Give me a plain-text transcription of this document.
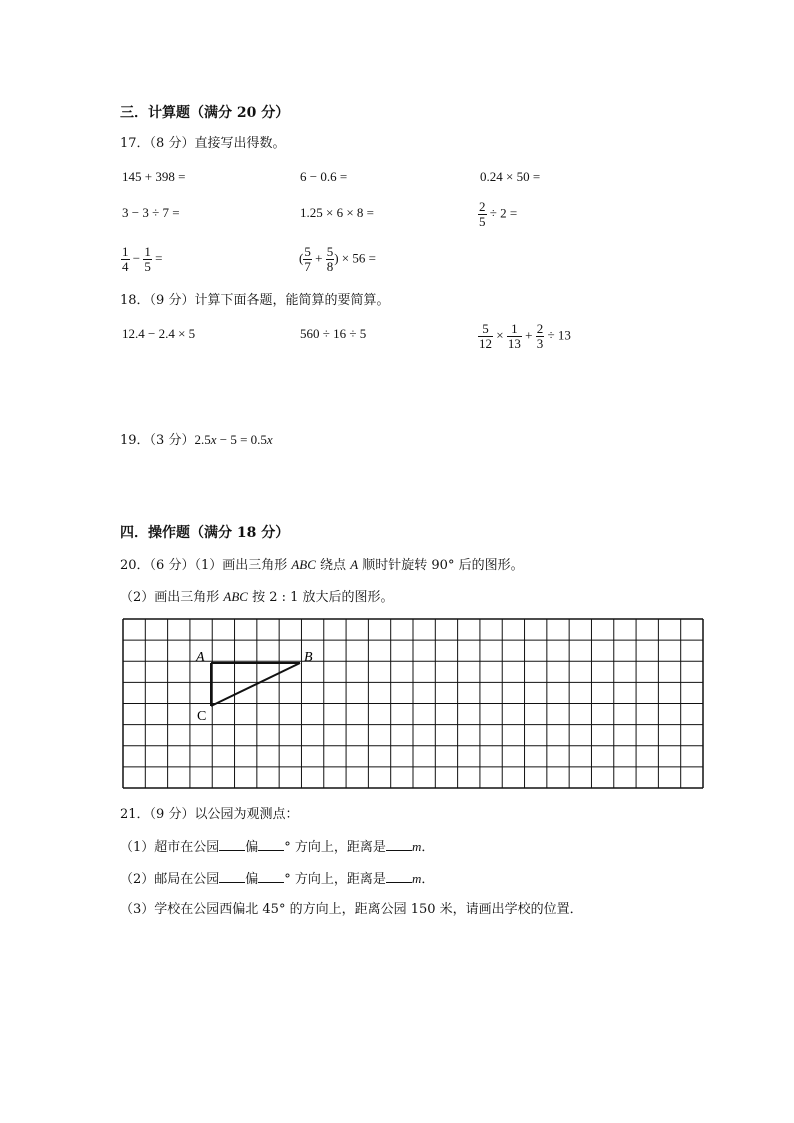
三．计算题（满分 20 分）
17．（8 分）直接写出得数。
145 + 398 =	6 − 0.6 =	0.24 × 50 =
3 − 3 ÷ 7 =	1.25 × 6 × 8 =	$\frac{2}{5} \div 2$ =
$\frac{1}{4} - \frac{1}{5}$ =	( $\frac{5}{7} + \frac{5}{8}$ ) × 56 =
18．（9 分）计算下面各题，能简算的要简算。
12.4 − 2.4 × 5	560 ÷ 16 ÷ 5	$\frac{5}{12} \times \frac{1}{13} + \frac{2}{3} \div 13$
19．（3 分）2.5x − 5 = 0.5x
四．操作题（满分 18 分）
20．（6 分）（1）画出三角形 ABC 绕点 A 顺时针旋转 90° 后的图形。
（2）画出三角形 ABC 按 2 : 1 放大后的图形。
A	B
C
21．（9 分）以公园为观测点：
（1）超市在公园 偏 ° 方向上，距离是 m．
（2）邮局在公园 偏 ° 方向上，距离是 m．
（3）学校在公园西偏北 45° 的方向上，距离公园 150 米，请画出学校的位置．
